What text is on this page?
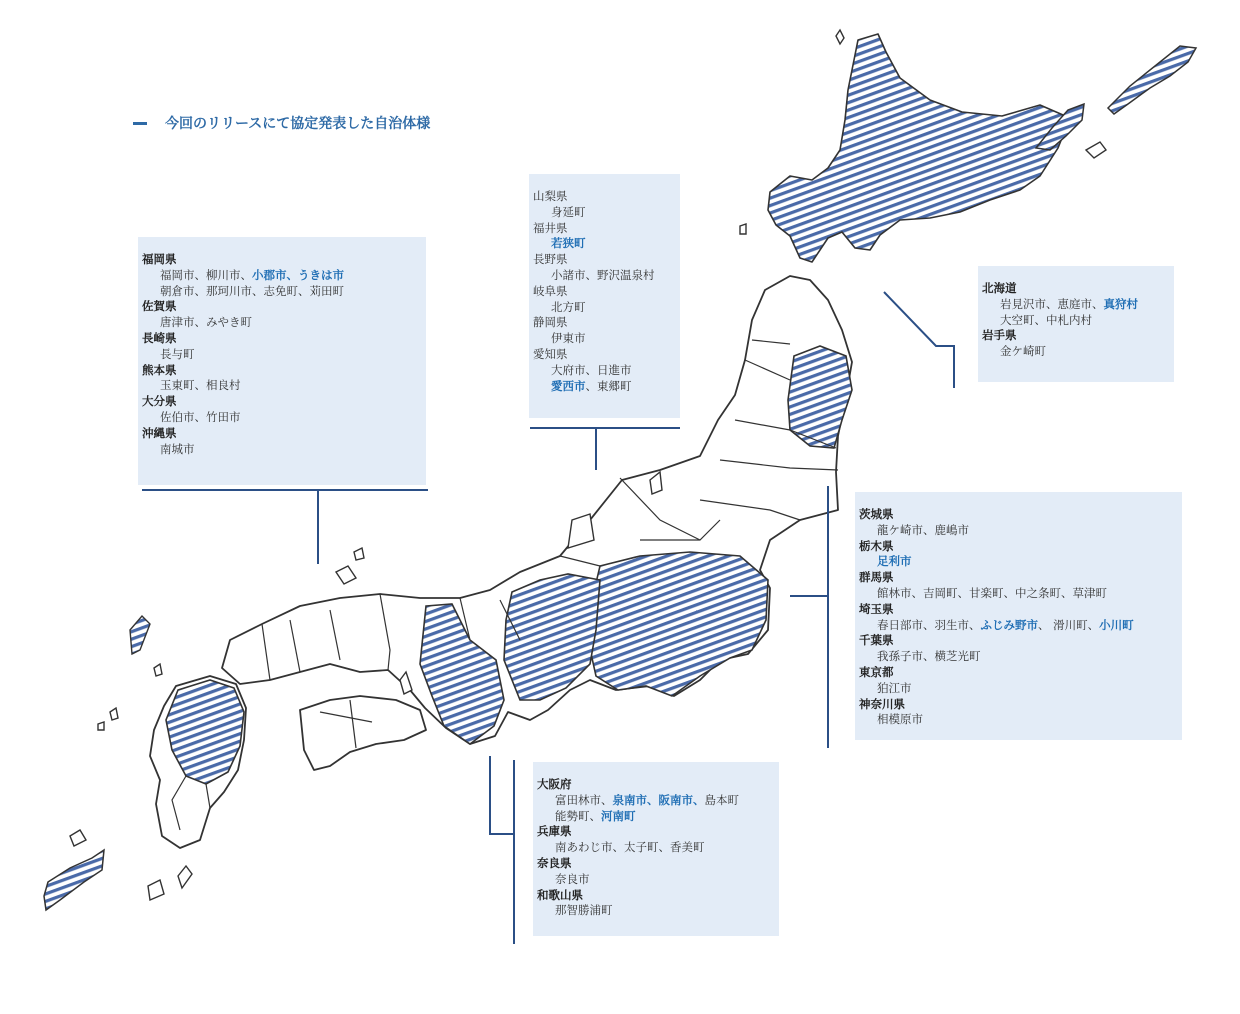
今回のリリースにて協定発表した自治体様
福岡県
福岡市、柳川市、小郡市、うきは市
朝倉市、那珂川市、志免町、苅田町
佐賀県
唐津市、みやき町
長崎県
長与町
熊本県
玉東町、相良村
大分県
佐伯市、竹田市
沖縄県
南城市
山梨県
身延町
福井県
若狭町
長野県
小諸市、野沢温泉村
岐阜県
北方町
静岡県
伊東市
愛知県
大府市、日進市
愛西市、東郷町
北海道
岩見沢市、恵庭市、真狩村
大空町、中札内村
岩手県
金ケ崎町
茨城県
龍ケ崎市、鹿嶋市
栃木県
足利市
群馬県
館林市、吉岡町、甘楽町、中之条町、草津町
埼玉県
春日部市、羽生市、ふじみ野市、 滑川町、小川町
千葉県
我孫子市、横芝光町
東京都
狛江市
神奈川県
相模原市
大阪府
富田林市、泉南市、阪南市、島本町
能勢町、河南町
兵庫県
南あわじ市、太子町、香美町
奈良県
奈良市
和歌山県
那智勝浦町
